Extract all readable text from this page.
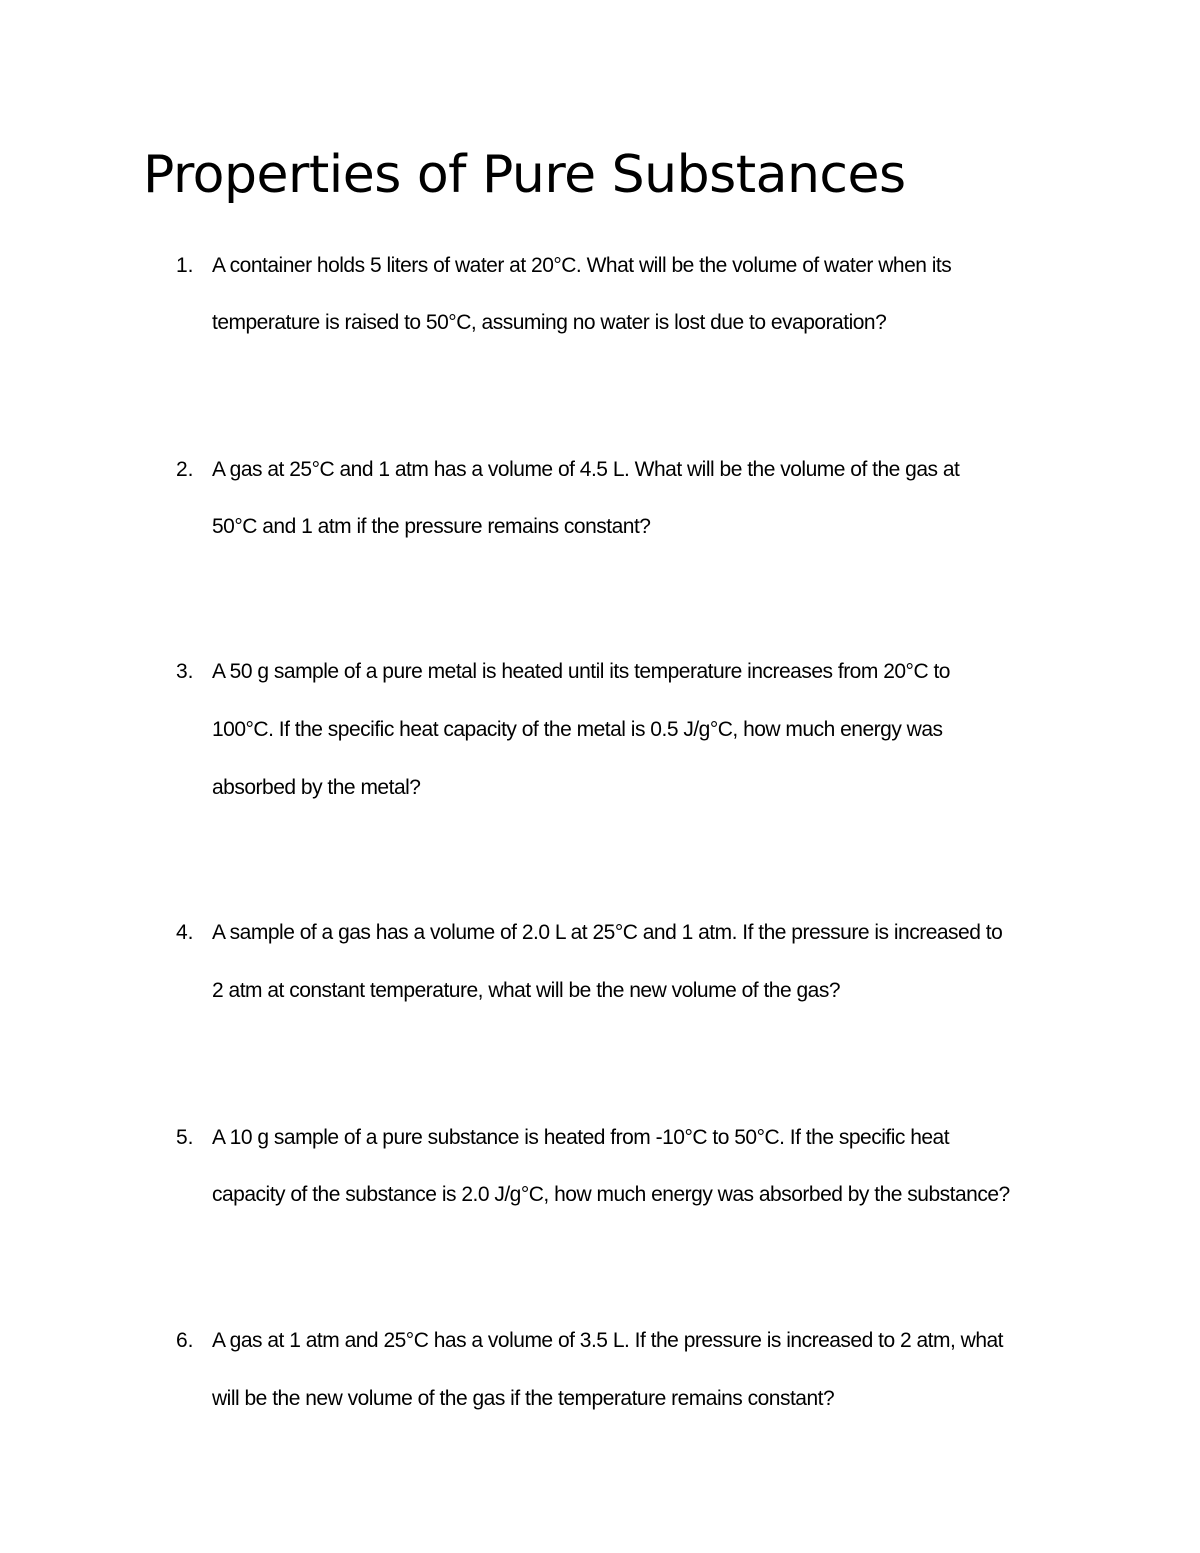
Properties of Pure Substances
1. A container holds 5 liters of water at 20°C. What will be the volume of water when its
temperature is raised to 50°C, assuming no water is lost due to evaporation?
2. A gas at 25°C and 1 atm has a volume of 4.5 L. What will be the volume of the gas at
50°C and 1 atm if the pressure remains constant?
3. A 50 g sample of a pure metal is heated until its temperature increases from 20°C to
100°C. If the specific heat capacity of the metal is 0.5 J/g°C, how much energy was
absorbed by the metal?
4. A sample of a gas has a volume of 2.0 L at 25°C and 1 atm. If the pressure is increased to
2 atm at constant temperature, what will be the new volume of the gas?
5. A 10 g sample of a pure substance is heated from -10°C to 50°C. If the specific heat
capacity of the substance is 2.0 J/g°C, how much energy was absorbed by the substance?
6. A gas at 1 atm and 25°C has a volume of 3.5 L. If the pressure is increased to 2 atm, what
will be the new volume of the gas if the temperature remains constant?
